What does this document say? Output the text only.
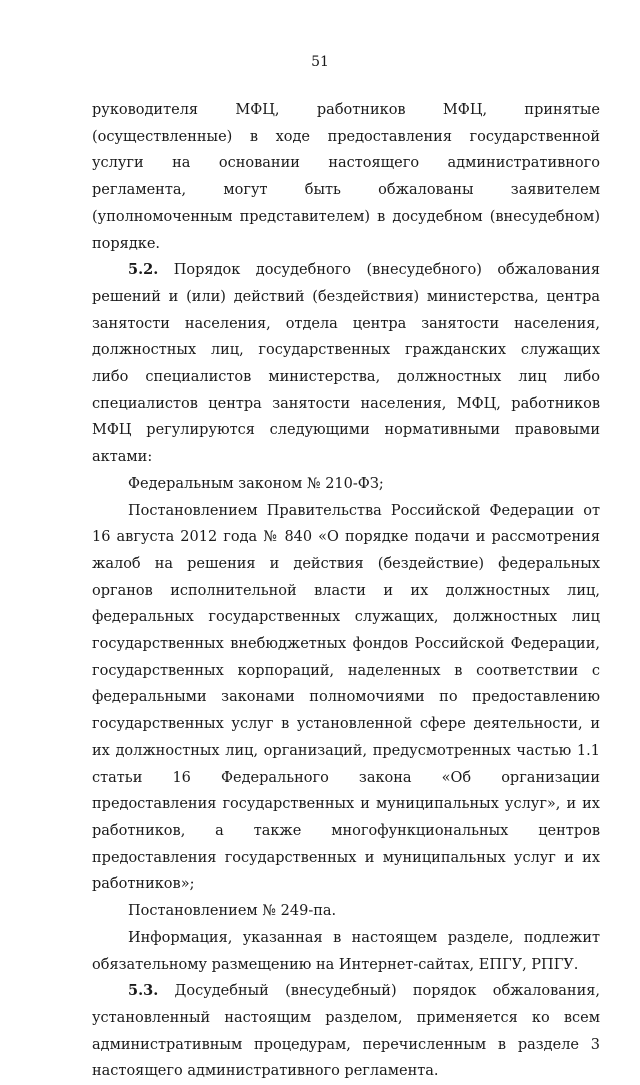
51

руководителя МФЦ, работников МФЦ, принятые (осуществленные) в ходе предоставления государственной услуги на основании настоящего административного регламента, могут быть обжалованы заявителем (уполномоченным представителем) в досудебном (внесудебном) порядке.

5.2. Порядок досудебного (внесудебного) обжалования решений и (или) действий (бездействия) министерства, центра занятости населения, отдела центра занятости населения, должностных лиц, государственных гражданских служащих либо специалистов министерства, должностных лиц либо специалистов центра занятости населения, МФЦ, работников МФЦ регулируются следующими нормативными правовыми актами:

Федеральным законом № 210-ФЗ;

Постановлением Правительства Российской Федерации от 16 августа 2012 года № 840 «О порядке подачи и рассмотрения жалоб на решения и действия (бездействие) федеральных органов исполнительной власти и их должностных лиц, федеральных государственных служащих, должностных лиц государственных внебюджетных фондов Российской Федерации, государственных корпораций, наделенных в соответствии с федеральными законами полномочиями по предоставлению государственных услуг в установленной сфере деятельности, и их должностных лиц, организаций, предусмотренных частью 1.1 статьи 16 Федерального закона «Об организации предоставления государственных и муниципальных услуг», и их работников, а также многофункциональных центров предоставления государственных и муниципальных услуг и их работников»;

Постановлением № 249-па.

Информация, указанная в настоящем разделе, подлежит обязательному размещению на Интернет-сайтах, ЕПГУ, РПГУ.

5.3. Досудебный (внесудебный) порядок обжалования, установленный настоящим разделом, применяется ко всем административным процедурам, перечисленным в разделе 3 настоящего административного регламента.
